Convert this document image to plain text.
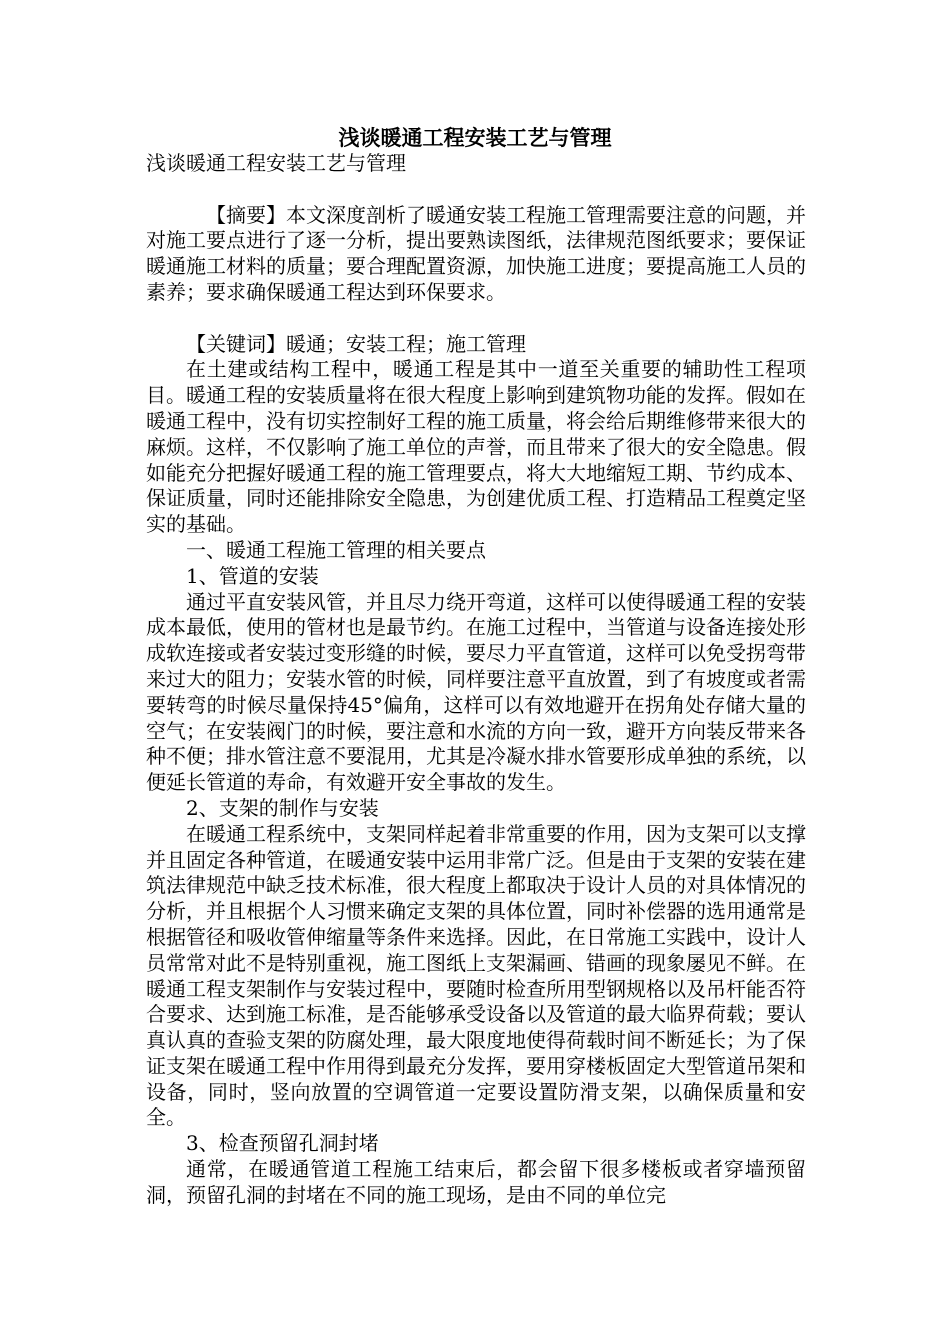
浅谈暖通工程安装工艺与管理

浅谈暖通工程安装工艺与管理

【摘要】本文深度剖析了暖通安装工程施工管理需要注意的问题，并对施工要点进行了逐一分析，提出要熟读图纸，法律规范图纸要求；要保证暖通施工材料的质量；要合理配置资源，加快施工进度；要提高施工人员的素养；要求确保暖通工程达到环保要求。

【关键词】暖通；安装工程；施工管理

在土建或结构工程中，暖通工程是其中一道至关重要的辅助性工程项目。暖通工程的安装质量将在很大程度上影响到建筑物功能的发挥。假如在暖通工程中，没有切实控制好工程的施工质量，将会给后期维修带来很大的麻烦。这样，不仅影响了施工单位的声誉，而且带来了很大的安全隐患。假如能充分把握好暖通工程的施工管理要点，将大大地缩短工期、节约成本、保证质量，同时还能排除安全隐患，为创建优质工程、打造精品工程奠定坚实的基础。

一、暖通工程施工管理的相关要点

1、管道的安装

通过平直安装风管，并且尽力绕开弯道，这样可以使得暖通工程的安装成本最低，使用的管材也是最节约。在施工过程中，当管道与设备连接处形成软连接或者安装过变形缝的时候，要尽力平直管道，这样可以免受拐弯带来过大的阻力；安装水管的时候，同样要注意平直放置，到了有坡度或者需要转弯的时候尽量保持45°偏角，这样可以有效地避开在拐角处存储大量的空气；在安装阀门的时候，要注意和水流的方向一致，避开方向装反带来各种不便；排水管注意不要混用，尤其是冷凝水排水管要形成单独的系统，以便延长管道的寿命，有效避开安全事故的发生。

2、支架的制作与安装

在暖通工程系统中，支架同样起着非常重要的作用，因为支架可以支撑并且固定各种管道，在暖通安装中运用非常广泛。但是由于支架的安装在建筑法律规范中缺乏技术标准，很大程度上都取决于设计人员的对具体情况的分析，并且根据个人习惯来确定支架的具体位置，同时补偿器的选用通常是根据管径和吸收管伸缩量等条件来选择。因此，在日常施工实践中，设计人员常常对此不是特别重视，施工图纸上支架漏画、错画的现象屡见不鲜。在暖通工程支架制作与安装过程中，要随时检查所用型钢规格以及吊杆能否符合要求、达到施工标准，是否能够承受设备以及管道的最大临界荷载；要认真认真的查验支架的防腐处理，最大限度地使得荷载时间不断延长；为了保证支架在暖通工程中作用得到最充分发挥，要用穿楼板固定大型管道吊架和设备，同时，竖向放置的空调管道一定要设置防滑支架，以确保质量和安全。

3、检查预留孔洞封堵

通常，在暖通管道工程施工结束后，都会留下很多楼板或者穿墙预留洞，预留孔洞的封堵在不同的施工现场，是由不同的单位完
